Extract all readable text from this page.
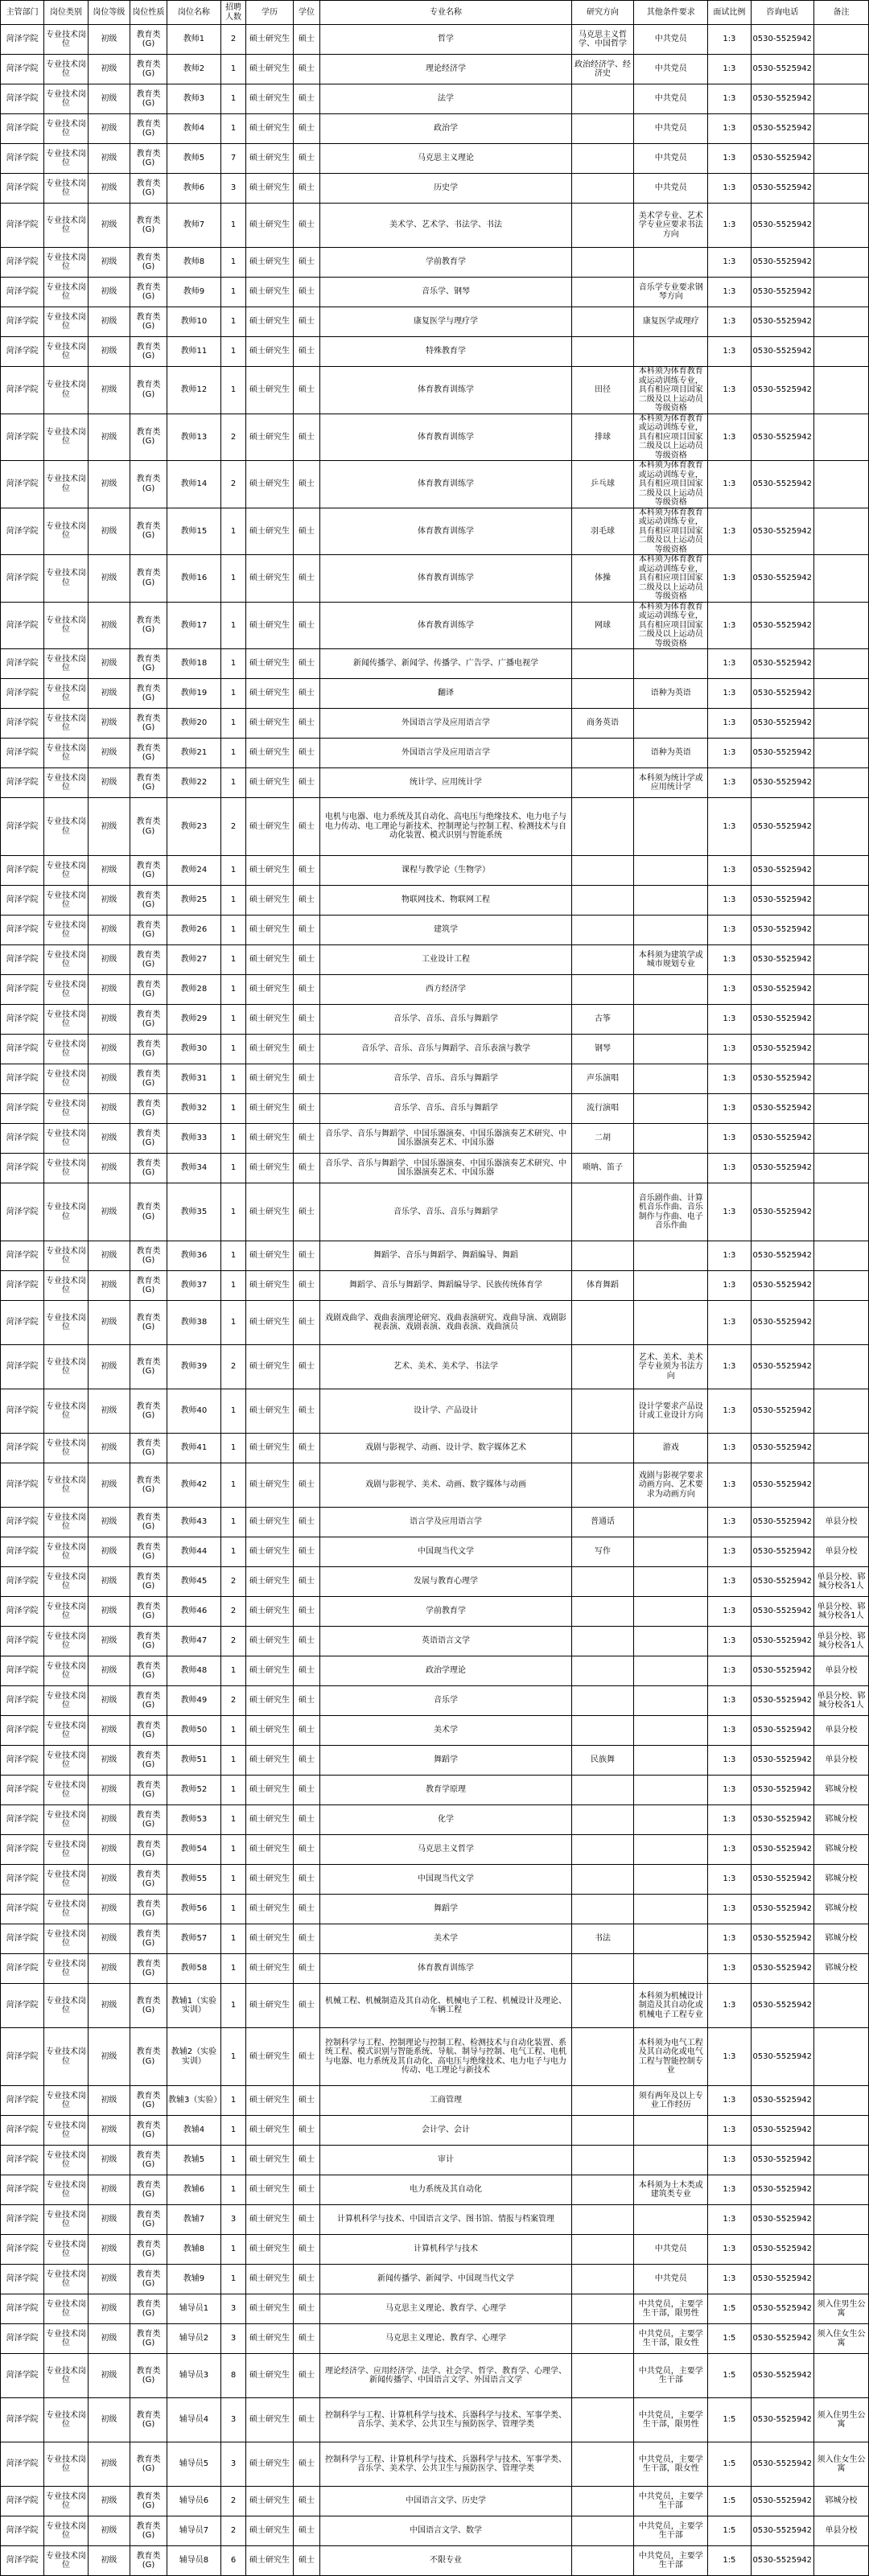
主管部门	岗位类别	岗位等级	岗位性质	岗位名称	招聘人数	学历	学位	专业名称	研究方向	其他条件要求	面试比例	咨询电话	备注
菏泽学院	专业技术岗位	初级	教育类(G)	教师1	2	硕士研究生	硕士	哲学	马克思主义哲学、中国哲学	中共党员	1:3	0530-5525942	
菏泽学院	专业技术岗位	初级	教育类(G)	教师2	1	硕士研究生	硕士	理论经济学	政治经济学、经济史	中共党员	1:3	0530-5525942	
菏泽学院	专业技术岗位	初级	教育类(G)	教师3	1	硕士研究生	硕士	法学		中共党员	1:3	0530-5525942	
菏泽学院	专业技术岗位	初级	教育类(G)	教师4	1	硕士研究生	硕士	政治学		中共党员	1:3	0530-5525942	
菏泽学院	专业技术岗位	初级	教育类(G)	教师5	7	硕士研究生	硕士	马克思主义理论		中共党员	1:3	0530-5525942	
菏泽学院	专业技术岗位	初级	教育类(G)	教师6	3	硕士研究生	硕士	历史学		中共党员	1:3	0530-5525942	
菏泽学院	专业技术岗位	初级	教育类(G)	教师7	1	硕士研究生	硕士	美术学、艺术学、书法学、书法		美术学专业、艺术学专业应要求书法方向	1:3	0530-5525942	
菏泽学院	专业技术岗位	初级	教育类(G)	教师8	1	硕士研究生	硕士	学前教育学			1:3	0530-5525942	
菏泽学院	专业技术岗位	初级	教育类(G)	教师9	1	硕士研究生	硕士	音乐学、钢琴		音乐学专业要求钢琴方向	1:3	0530-5525942	
菏泽学院	专业技术岗位	初级	教育类(G)	教师10	1	硕士研究生	硕士	康复医学与理疗学		康复医学或理疗	1:3	0530-5525942	
菏泽学院	专业技术岗位	初级	教育类(G)	教师11	1	硕士研究生	硕士	特殊教育学			1:3	0530-5525942	
菏泽学院	专业技术岗位	初级	教育类(G)	教师12	1	硕士研究生	硕士	体育教育训练学	田径	本科须为体育教育或运动训练专业，具有相应项目国家二级及以上运动员等级资格	1:3	0530-5525942	
菏泽学院	专业技术岗位	初级	教育类(G)	教师13	2	硕士研究生	硕士	体育教育训练学	排球	本科须为体育教育或运动训练专业，具有相应项目国家二级及以上运动员等级资格	1:3	0530-5525942	
菏泽学院	专业技术岗位	初级	教育类(G)	教师14	2	硕士研究生	硕士	体育教育训练学	乒乓球	本科须为体育教育或运动训练专业，具有相应项目国家二级及以上运动员等级资格	1:3	0530-5525942	
菏泽学院	专业技术岗位	初级	教育类(G)	教师15	1	硕士研究生	硕士	体育教育训练学	羽毛球	本科须为体育教育或运动训练专业，具有相应项目国家二级及以上运动员等级资格	1:3	0530-5525942	
菏泽学院	专业技术岗位	初级	教育类(G)	教师16	1	硕士研究生	硕士	体育教育训练学	体操	本科须为体育教育或运动训练专业，具有相应项目国家二级及以上运动员等级资格	1:3	0530-5525942	
菏泽学院	专业技术岗位	初级	教育类(G)	教师17	1	硕士研究生	硕士	体育教育训练学	网球	本科须为体育教育或运动训练专业，具有相应项目国家二级及以上运动员等级资格	1:3	0530-5525942	
菏泽学院	专业技术岗位	初级	教育类(G)	教师18	1	硕士研究生	硕士	新闻传播学、新闻学、传播学、广告学、广播电视学			1:3	0530-5525942	
菏泽学院	专业技术岗位	初级	教育类(G)	教师19	1	硕士研究生	硕士	翻译		语种为英语	1:3	0530-5525942	
菏泽学院	专业技术岗位	初级	教育类(G)	教师20	1	硕士研究生	硕士	外国语言学及应用语言学	商务英语		1:3	0530-5525942	
菏泽学院	专业技术岗位	初级	教育类(G)	教师21	1	硕士研究生	硕士	外国语言学及应用语言学		语种为英语	1:3	0530-5525942	
菏泽学院	专业技术岗位	初级	教育类(G)	教师22	1	硕士研究生	硕士	统计学、应用统计学		本科须为统计学或应用统计学	1:3	0530-5525942	
菏泽学院	专业技术岗位	初级	教育类(G)	教师23	2	硕士研究生	硕士	电机与电器、电力系统及其自动化、高电压与绝缘技术、电力电子与电力传动、电工理论与新技术、控制理论与控制工程、检测技术与自动化装置、模式识别与智能系统			1:3	0530-5525942	
菏泽学院	专业技术岗位	初级	教育类(G)	教师24	1	硕士研究生	硕士	课程与教学论（生物学）			1:3	0530-5525942	
菏泽学院	专业技术岗位	初级	教育类(G)	教师25	1	硕士研究生	硕士	物联网技术、物联网工程			1:3	0530-5525942	
菏泽学院	专业技术岗位	初级	教育类(G)	教师26	1	硕士研究生	硕士	建筑学			1:3	0530-5525942	
菏泽学院	专业技术岗位	初级	教育类(G)	教师27	1	硕士研究生	硕士	工业设计工程		本科须为建筑学或城市规划专业	1:3	0530-5525942	
菏泽学院	专业技术岗位	初级	教育类(G)	教师28	1	硕士研究生	硕士	西方经济学			1:3	0530-5525942	
菏泽学院	专业技术岗位	初级	教育类(G)	教师29	1	硕士研究生	硕士	音乐学、音乐、音乐与舞蹈学	古筝		1:3	0530-5525942	
菏泽学院	专业技术岗位	初级	教育类(G)	教师30	1	硕士研究生	硕士	音乐学、音乐、音乐与舞蹈学、音乐表演与教学	钢琴		1:3	0530-5525942	
菏泽学院	专业技术岗位	初级	教育类(G)	教师31	1	硕士研究生	硕士	音乐学、音乐、音乐与舞蹈学	声乐演唱		1:3	0530-5525942	
菏泽学院	专业技术岗位	初级	教育类(G)	教师32	1	硕士研究生	硕士	音乐学、音乐、音乐与舞蹈学	流行演唱		1:3	0530-5525942	
菏泽学院	专业技术岗位	初级	教育类(G)	教师33	1	硕士研究生	硕士	音乐学、音乐与舞蹈学、中国乐器演奏、中国乐器演奏艺术研究、中国乐器演奏艺术、中国乐器	二胡		1:3	0530-5525942	
菏泽学院	专业技术岗位	初级	教育类(G)	教师34	1	硕士研究生	硕士	音乐学、音乐与舞蹈学、中国乐器演奏、中国乐器演奏艺术研究、中国乐器演奏艺术、中国乐器	唢呐、笛子		1:3	0530-5525942	
菏泽学院	专业技术岗位	初级	教育类(G)	教师35	1	硕士研究生	硕士	音乐学、音乐、音乐与舞蹈学		音乐剧作曲、计算机音乐作曲、音乐制作与作曲、电子音乐作曲	1:3	0530-5525942	
菏泽学院	专业技术岗位	初级	教育类(G)	教师36	1	硕士研究生	硕士	舞蹈学、音乐与舞蹈学、舞蹈编导、舞蹈			1:3	0530-5525942	
菏泽学院	专业技术岗位	初级	教育类(G)	教师37	1	硕士研究生	硕士	舞蹈学、音乐与舞蹈学、舞蹈编导学、民族传统体育学	体育舞蹈		1:3	0530-5525942	
菏泽学院	专业技术岗位	初级	教育类(G)	教师38	1	硕士研究生	硕士	戏剧戏曲学、戏曲表演理论研究、戏曲表演研究、戏曲导演、戏剧影视表演、戏剧表演、戏曲表演、戏曲演员			1:3	0530-5525942	
菏泽学院	专业技术岗位	初级	教育类(G)	教师39	2	硕士研究生	硕士	艺术、美术、美术学、书法学		艺术、美术、美术学专业须为书法方向	1:3	0530-5525942	
菏泽学院	专业技术岗位	初级	教育类(G)	教师40	1	硕士研究生	硕士	设计学、产品设计		设计学要求产品设计或工业设计方向	1:3	0530-5525942	
菏泽学院	专业技术岗位	初级	教育类(G)	教师41	1	硕士研究生	硕士	戏剧与影视学、动画、设计学、数字媒体艺术		游戏	1:3	0530-5525942	
菏泽学院	专业技术岗位	初级	教育类(G)	教师42	1	硕士研究生	硕士	戏剧与影视学、美术、动画、数字媒体与动画		戏剧与影视学要求动画方向、艺术要求为动画方向	1:3	0530-5525942	
菏泽学院	专业技术岗位	初级	教育类(G)	教师43	1	硕士研究生	硕士	语言学及应用语言学	普通话		1:3	0530-5525942	单县分校
菏泽学院	专业技术岗位	初级	教育类(G)	教师44	1	硕士研究生	硕士	中国现当代文学	写作		1:3	0530-5525942	单县分校
菏泽学院	专业技术岗位	初级	教育类(G)	教师45	2	硕士研究生	硕士	发展与教育心理学			1:3	0530-5525942	单县分校、郓城分校各1人
菏泽学院	专业技术岗位	初级	教育类(G)	教师46	2	硕士研究生	硕士	学前教育学			1:3	0530-5525942	单县分校、郓城分校各1人
菏泽学院	专业技术岗位	初级	教育类(G)	教师47	2	硕士研究生	硕士	英语语言文学			1:3	0530-5525942	单县分校、郓城分校各1人
菏泽学院	专业技术岗位	初级	教育类(G)	教师48	1	硕士研究生	硕士	政治学理论			1:3	0530-5525942	单县分校
菏泽学院	专业技术岗位	初级	教育类(G)	教师49	2	硕士研究生	硕士	音乐学			1:3	0530-5525942	单县分校、郓城分校各1人
菏泽学院	专业技术岗位	初级	教育类(G)	教师50	1	硕士研究生	硕士	美术学			1:3	0530-5525942	单县分校
菏泽学院	专业技术岗位	初级	教育类(G)	教师51	1	硕士研究生	硕士	舞蹈学	民族舞		1:3	0530-5525942	单县分校
菏泽学院	专业技术岗位	初级	教育类(G)	教师52	1	硕士研究生	硕士	教育学原理			1:3	0530-5525942	郓城分校
菏泽学院	专业技术岗位	初级	教育类(G)	教师53	1	硕士研究生	硕士	化学			1:3	0530-5525942	郓城分校
菏泽学院	专业技术岗位	初级	教育类(G)	教师54	1	硕士研究生	硕士	马克思主义哲学			1:3	0530-5525942	郓城分校
菏泽学院	专业技术岗位	初级	教育类(G)	教师55	1	硕士研究生	硕士	中国现当代文学			1:3	0530-5525942	郓城分校
菏泽学院	专业技术岗位	初级	教育类(G)	教师56	1	硕士研究生	硕士	舞蹈学			1:3	0530-5525942	郓城分校
菏泽学院	专业技术岗位	初级	教育类(G)	教师57	1	硕士研究生	硕士	美术学	书法		1:3	0530-5525942	郓城分校
菏泽学院	专业技术岗位	初级	教育类(G)	教师58	1	硕士研究生	硕士	体育教育训练学			1:3	0530-5525942	郓城分校
菏泽学院	专业技术岗位	初级	教育类(G)	教辅1（实验实训）	1	硕士研究生	硕士	机械工程、机械制造及其自动化、机械电子工程、机械设计及理论、车辆工程		本科须为机械设计制造及其自动化或机械电子工程专业	1:3	0530-5525942	
菏泽学院	专业技术岗位	初级	教育类(G)	教辅2（实验实训）	1	硕士研究生	硕士	控制科学与工程、控制理论与控制工程、检测技术与自动化装置、系统工程、模式识别与智能系统、导航、制导与控制、电气工程、电机与电器、电力系统及其自动化、高电压与绝缘技术、电力电子与电力传动、电工理论与新技术		本科须为电气工程及其自动化或电气工程与智能控制专业	1:3	0530-5525942	
菏泽学院	专业技术岗位	初级	教育类(G)	教辅3（实验）	1	硕士研究生	硕士	工商管理		须有两年及以上专业工作经历	1:3	0530-5525942	
菏泽学院	专业技术岗位	初级	教育类(G)	教辅4	1	硕士研究生	硕士	会计学、会计			1:3	0530-5525942	
菏泽学院	专业技术岗位	初级	教育类(G)	教辅5	1	硕士研究生	硕士	审计			1:3	0530-5525942	
菏泽学院	专业技术岗位	初级	教育类(G)	教辅6	1	硕士研究生	硕士	电力系统及其自动化		本科须为土木类或建筑类专业	1:3	0530-5525942	
菏泽学院	专业技术岗位	初级	教育类(G)	教辅7	3	硕士研究生	硕士	计算机科学与技术、中国语言文学、图书馆、情报与档案管理			1:3	0530-5525942	
菏泽学院	专业技术岗位	初级	教育类(G)	教辅8	1	硕士研究生	硕士	计算机科学与技术		中共党员	1:3	0530-5525942	
菏泽学院	专业技术岗位	初级	教育类(G)	教辅9	1	硕士研究生	硕士	新闻传播学、新闻学、中国现当代文学		中共党员	1:3	0530-5525942	
菏泽学院	专业技术岗位	初级	教育类(G)	辅导员1	3	硕士研究生	硕士	马克思主义理论、教育学、心理学		中共党员，主要学生干部，限男性	1:5	0530-5525942	须入住男生公寓
菏泽学院	专业技术岗位	初级	教育类(G)	辅导员2	3	硕士研究生	硕士	马克思主义理论、教育学、心理学		中共党员，主要学生干部，限女性	1:5	0530-5525942	须入住女生公寓
菏泽学院	专业技术岗位	初级	教育类(G)	辅导员3	8	硕士研究生	硕士	理论经济学、应用经济学、法学、社会学、哲学、教育学、心理学、新闻传播学、中国语言文学、外国语言文学		中共党员，主要学生干部	1:5	0530-5525942	
菏泽学院	专业技术岗位	初级	教育类(G)	辅导员4	3	硕士研究生	硕士	控制科学与工程、计算机科学与技术、兵器科学与技术、军事学类、音乐学、美术学、公共卫生与预防医学、管理学类		中共党员，主要学生干部，限男性	1:5	0530-5525942	须入住男生公寓
菏泽学院	专业技术岗位	初级	教育类(G)	辅导员5	3	硕士研究生	硕士	控制科学与工程、计算机科学与技术、兵器科学与技术、军事学类、音乐学、美术学、公共卫生与预防医学、管理学类		中共党员，主要学生干部，限女性	1:5	0530-5525942	须入住女生公寓
菏泽学院	专业技术岗位	初级	教育类(G)	辅导员6	2	硕士研究生	硕士	中国语言文学、历史学		中共党员，主要学生干部	1:5	0530-5525942	郓城分校
菏泽学院	专业技术岗位	初级	教育类(G)	辅导员7	2	硕士研究生	硕士	中国语言文学、数学		中共党员，主要学生干部	1:5	0530-5525942	单县分校
菏泽学院	专业技术岗位	初级	教育类(G)	辅导员8	6	硕士研究生	硕士	不限专业		中共党员，主要学生干部	1:5	0530-5525942	
